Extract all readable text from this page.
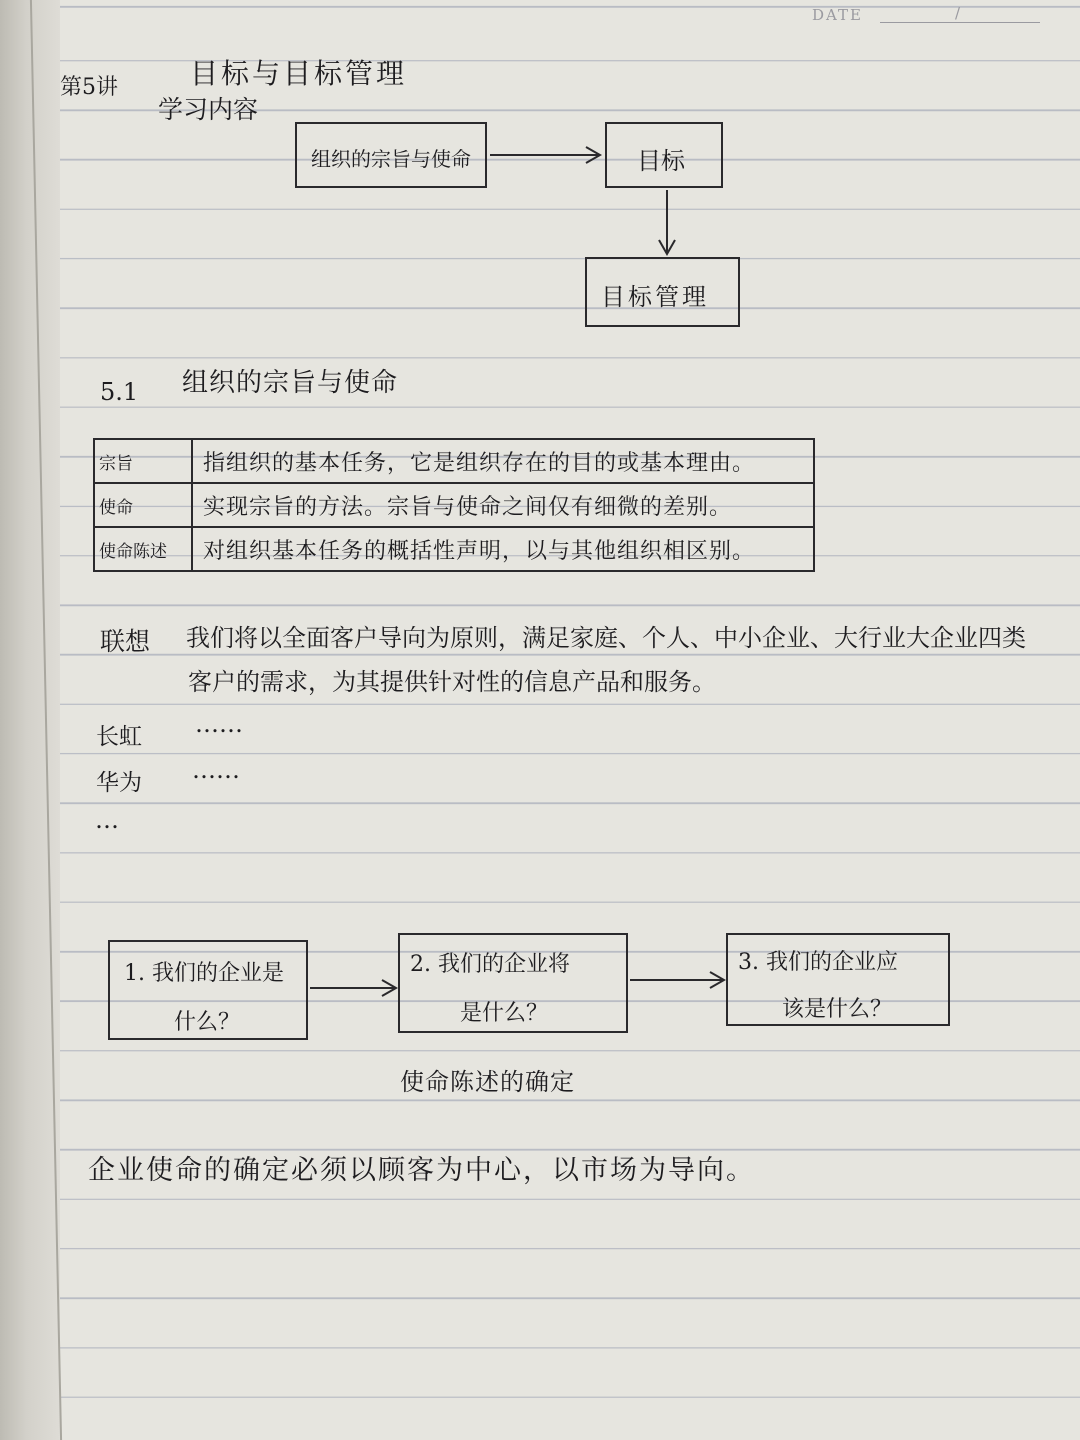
DATE	/
第5讲	目标与目标管理
学习内容
组织的宗旨与使命	目标
目标管理
5.1 组织的宗旨与使命
宗旨	指组织的基本任务，它是组织存在的目的或基本理由。
使命	实现宗旨的方法。宗旨与使命之间仅有细微的差别。
使命陈述	对组织基本任务的概括性声明，以与其他组织相区别。
联想 我们将以全面客户导向为原则，满足家庭、个人、中小企业、大行业大企业四类
客户的需求，为其提供针对性的信息产品和服务。
长虹 ……
华为 ……
…
1. 我们的企业是
什么？
2. 我们的企业将
是什么？
3. 我们的企业应
该是什么？
使命陈述的确定
企业使命的确定必须以顾客为中心，以市场为导向。
